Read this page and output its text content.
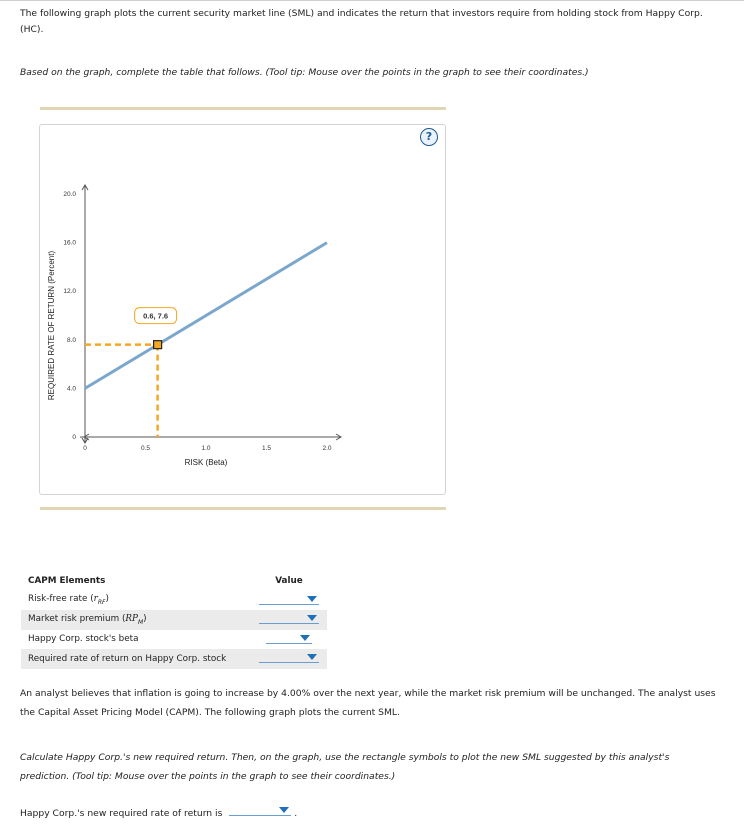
The following graph plots the current security market line (SML) and indicates the return that investors require from holding stock from Happy Corp.
(HC).
Based on the graph, complete the table that follows. (Tool tip: Mouse over the points in the graph to see their coordinates.)
?
0
4.0
8.0
12.0
16.0
20.0
0	0.5	1.0	1.5	2.0
RISK (Beta)
REQUIRED RATE OF RETURN (Percent)	0.6, 7.6
CAPM Elements	Value
Risk-free rate $(r_{RF})$	

Market risk premium $(RP_M)$	

Happy Corp. stock's beta	

Required rate of return on Happy Corp. stock	
An analyst believes that inflation is going to increase by 4.00% over the next year, while the market risk premium will be unchanged. The analyst uses
the Capital Asset Pricing Model (CAPM). The following graph plots the current SML.
Calculate Happy Corp.'s new required return. Then, on the graph, use the rectangle symbols to plot the new SML suggested by this analyst's
prediction. (Tool tip: Mouse over the points in the graph to see their coordinates.)
Happy Corp.'s new required rate of return is	.
